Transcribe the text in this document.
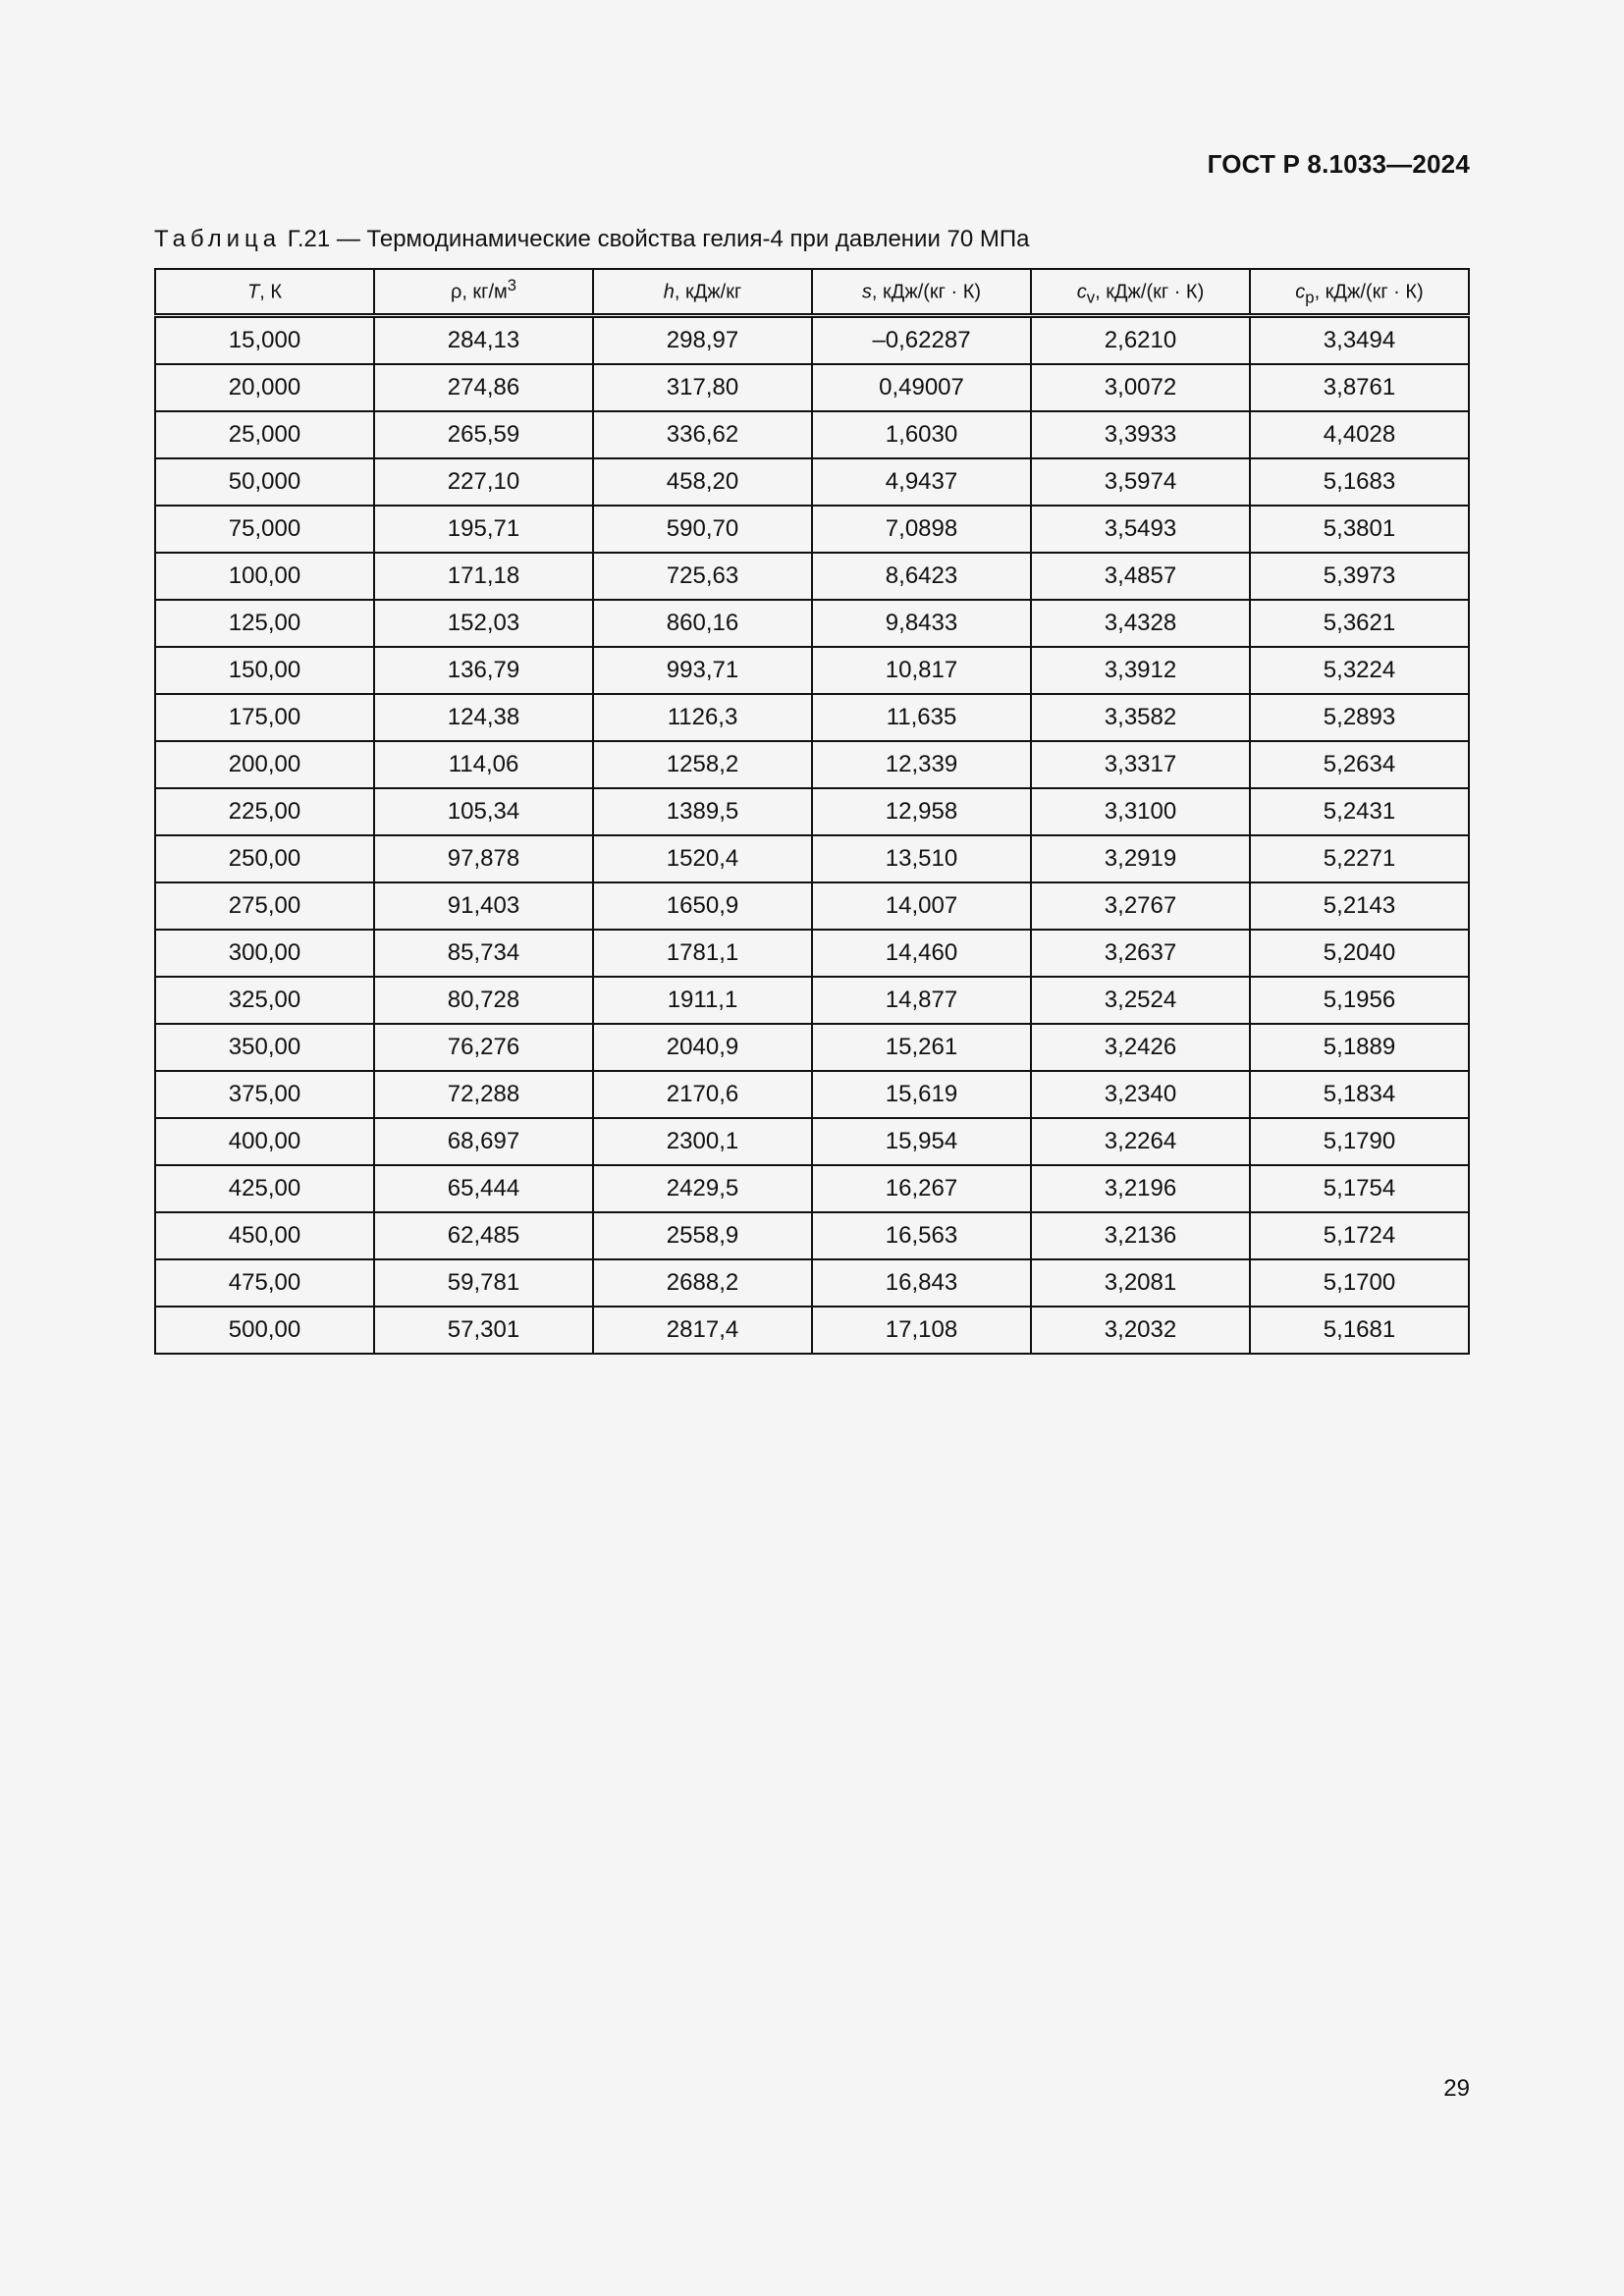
ГОСТ Р 8.1033—2024
Таблица Г.21 — Термодинамические свойства гелия-4 при давлении 70 МПа
T, К	ρ, $кг/м^3$	h, кДж/кг	s, кДж/(кг · К)	$c_v$, кДж/(кг · К)	$c_p$, кДж/(кг · К)
15,000	284,13	298,97	–0,62287	2,6210	3,3494
20,000	274,86	317,80	0,49007	3,0072	3,8761
25,000	265,59	336,62	1,6030	3,3933	4,4028
50,000	227,10	458,20	4,9437	3,5974	5,1683
75,000	195,71	590,70	7,0898	3,5493	5,3801
100,00	171,18	725,63	8,6423	3,4857	5,3973
125,00	152,03	860,16	9,8433	3,4328	5,3621
150,00	136,79	993,71	10,817	3,3912	5,3224
175,00	124,38	1126,3	11,635	3,3582	5,2893
200,00	114,06	1258,2	12,339	3,3317	5,2634
225,00	105,34	1389,5	12,958	3,3100	5,2431
250,00	97,878	1520,4	13,510	3,2919	5,2271
275,00	91,403	1650,9	14,007	3,2767	5,2143
300,00	85,734	1781,1	14,460	3,2637	5,2040
325,00	80,728	1911,1	14,877	3,2524	5,1956
350,00	76,276	2040,9	15,261	3,2426	5,1889
375,00	72,288	2170,6	15,619	3,2340	5,1834
400,00	68,697	2300,1	15,954	3,2264	5,1790
425,00	65,444	2429,5	16,267	3,2196	5,1754
450,00	62,485	2558,9	16,563	3,2136	5,1724
475,00	59,781	2688,2	16,843	3,2081	5,1700
500,00	57,301	2817,4	17,108	3,2032	5,1681
29
